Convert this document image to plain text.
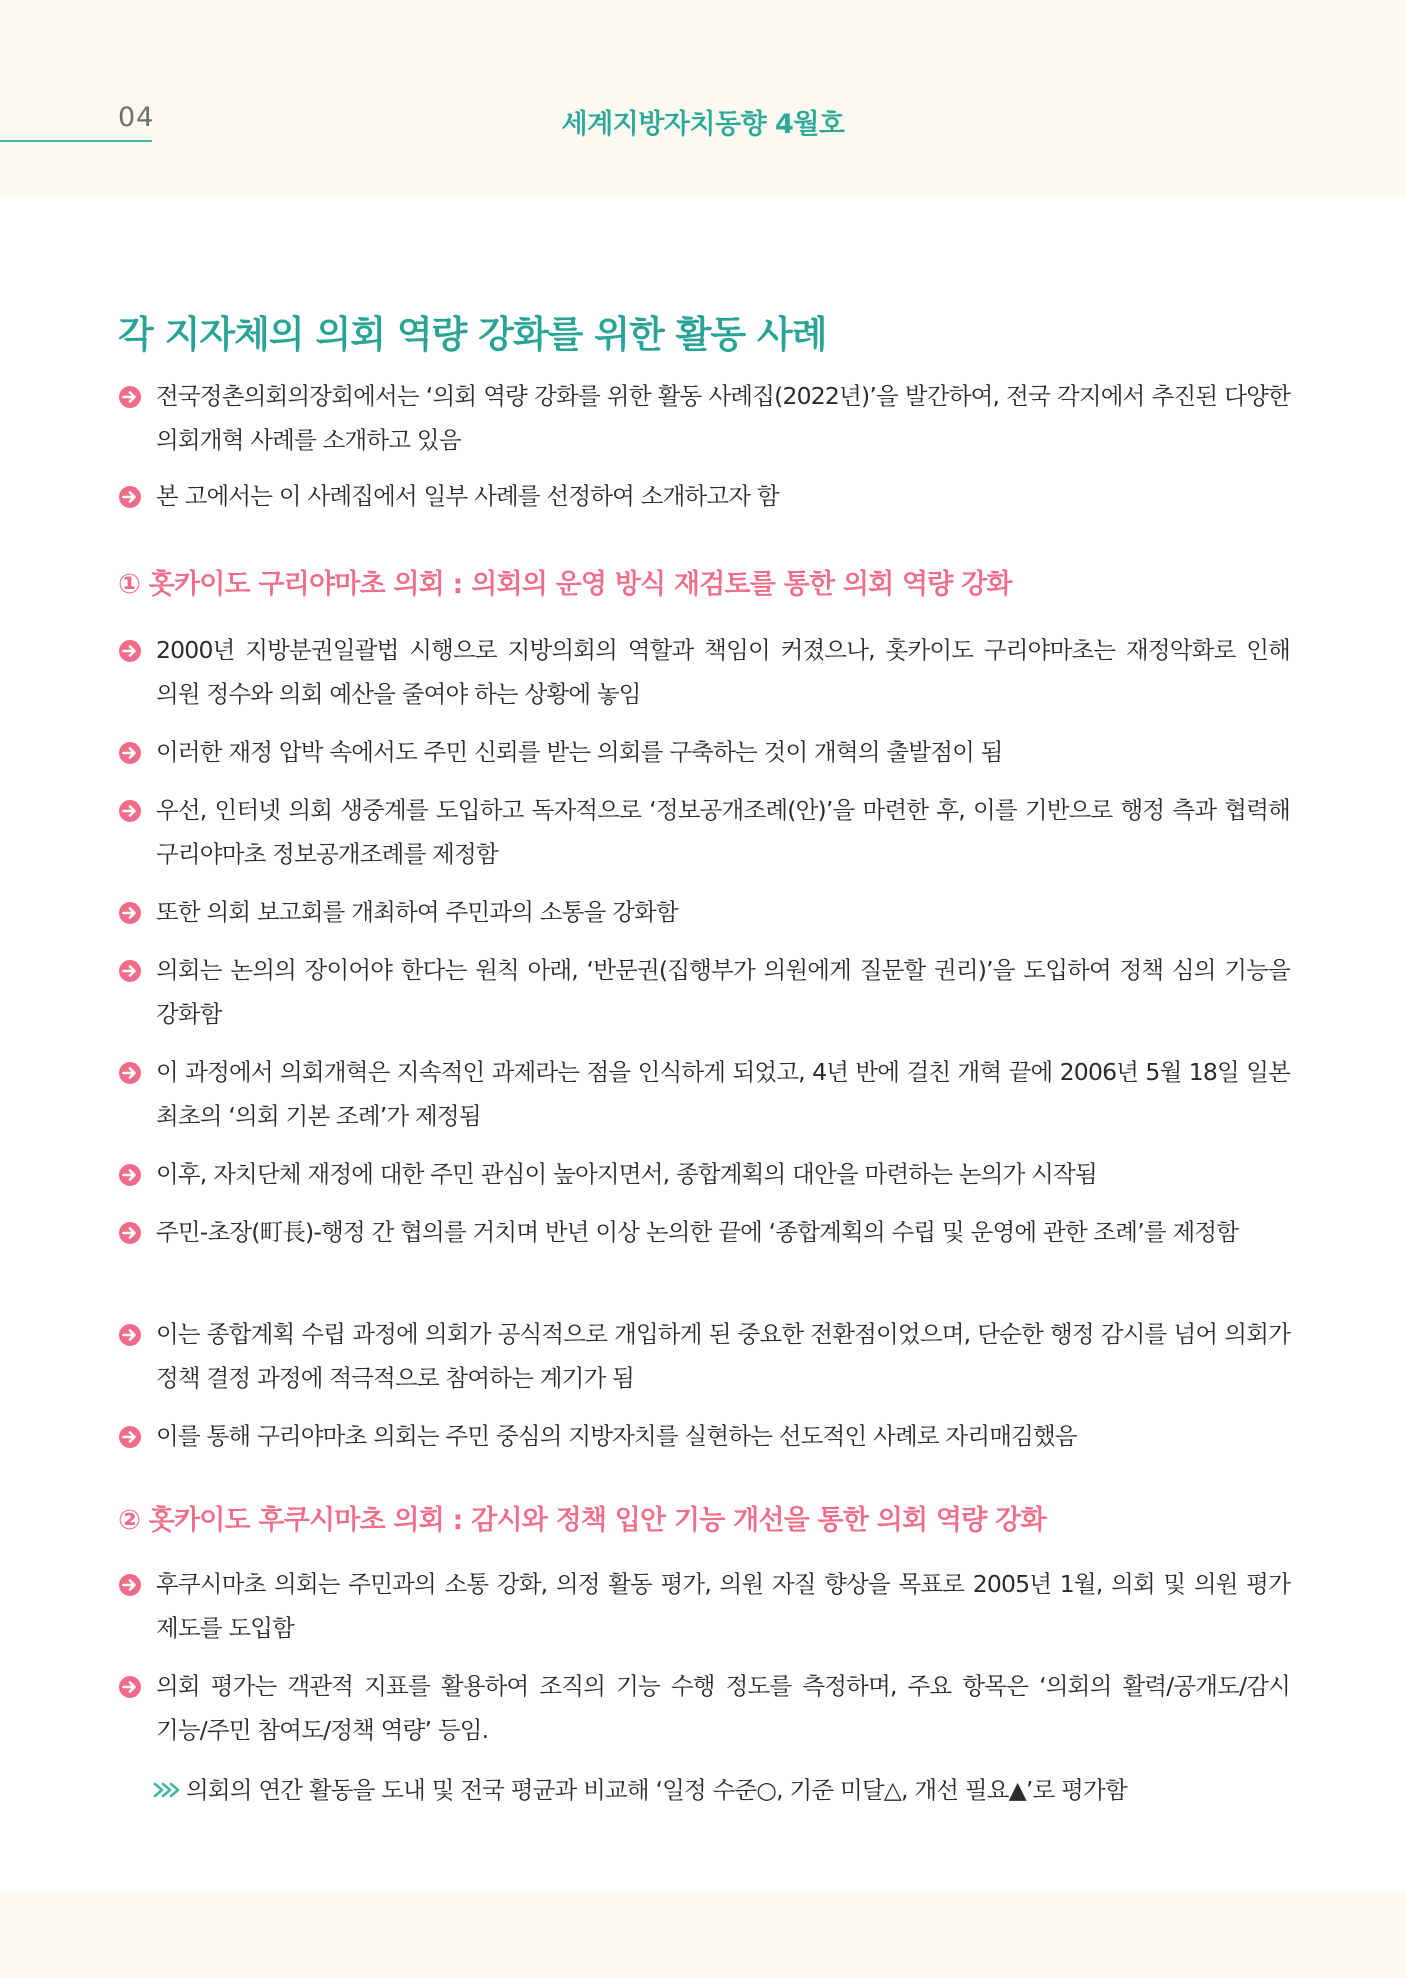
04	세계지방자치동향 4월호
각 지자체의 의회 역량 강화를 위한 활동 사례
전국정촌의회의장회에서는 ‘의회 역량 강화를 위한 활동 사례집(2022년)’을 발간하여, 전국 각지에서 추진된 다양한 의회개혁 사례를 소개하고 있음
본 고에서는 이 사례집에서 일부 사례를 선정하여 소개하고자 함
① 홋카이도 구리야마초 의회 : 의회의 운영 방식 재검토를 통한 의회 역량 강화
2000년 지방분권일괄법 시행으로 지방의회의 역할과 책임이 커졌으나, 홋카이도 구리야마초는 재정악화로 인해 의원 정수와 의회 예산을 줄여야 하는 상황에 놓임
이러한 재정 압박 속에서도 주민 신뢰를 받는 의회를 구축하는 것이 개혁의 출발점이 됨
우선, 인터넷 의회 생중계를 도입하고 독자적으로 ‘정보공개조례(안)’을 마련한 후, 이를 기반으로 행정 측과 협력해 구리야마초 정보공개조례를 제정함
또한 의회 보고회를 개최하여 주민과의 소통을 강화함
의회는 논의의 장이어야 한다는 원칙 아래, ‘반문권(집행부가 의원에게 질문할 권리)’을 도입하여 정책 심의 기능을 강화함
이 과정에서 의회개혁은 지속적인 과제라는 점을 인식하게 되었고, 4년 반에 걸친 개혁 끝에 2006년 5월 18일 일본 최초의 ‘의회 기본 조례’가 제정됨
이후, 자치단체 재정에 대한 주민 관심이 높아지면서, 종합계획의 대안을 마련하는 논의가 시작됨
주민-초장(町長)-행정 간 협의를 거치며 반년 이상 논의한 끝에 ‘종합계획의 수립 및 운영에 관한 조례’를 제정함
이는 종합계획 수립 과정에 의회가 공식적으로 개입하게 된 중요한 전환점이었으며, 단순한 행정 감시를 넘어 의회가 정책 결정 과정에 적극적으로 참여하는 계기가 됨
이를 통해 구리야마초 의회는 주민 중심의 지방자치를 실현하는 선도적인 사례로 자리매김했음
② 홋카이도 후쿠시마초 의회 : 감시와 정책 입안 기능 개선을 통한 의회 역량 강화
후쿠시마초 의회는 주민과의 소통 강화, 의정 활동 평가, 의원 자질 향상을 목표로 2005년 1월, 의회 및 의원 평가 제도를 도입함
의회 평가는 객관적 지표를 활용하여 조직의 기능 수행 정도를 측정하며, 주요 항목은 ‘의회의 활력/공개도/감시 기능/주민 참여도/정책 역량’ 등임.
의회의 연간 활동을 도내 및 전국 평균과 비교해 ‘일정 수준○, 기준 미달△, 개선 필요▲’로 평가함
